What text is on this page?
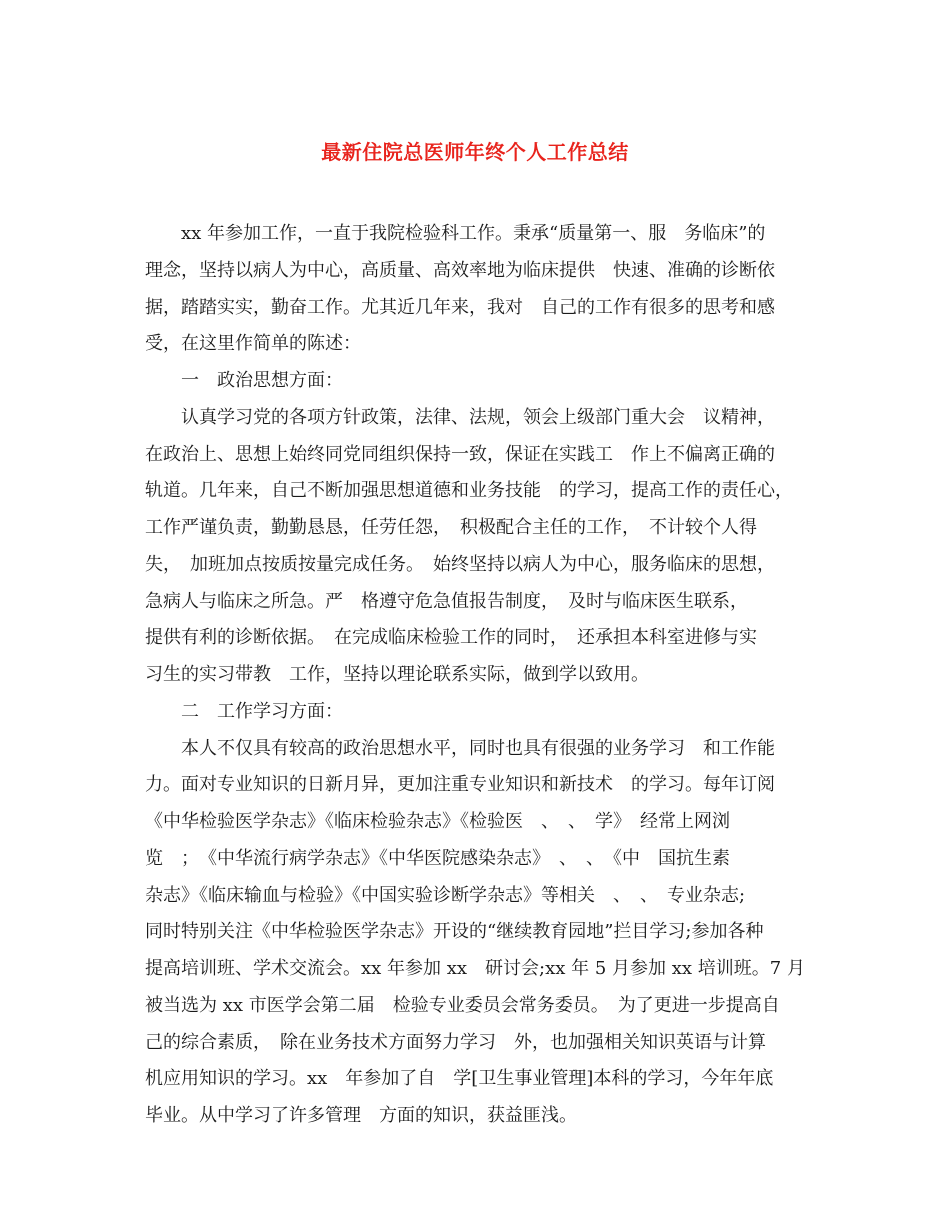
最新住院总医师年终个人工作总结
xx 年参加工作，一直于我院检验科工作。秉承“质量第一、服　务临床”的
理念，坚持以病人为中心，高质量、高效率地为临床提供　快速、准确的诊断依
据，踏踏实实，勤奋工作。尤其近几年来，我对　自己的工作有很多的思考和感
受，在这里作简单的陈述：
一　政治思想方面：
认真学习党的各项方针政策，法律、法规，领会上级部门重大会　议精神，
在政治上、思想上始终同党同组织保持一致，保证在实践工　作上不偏离正确的
轨道。几年来，自己不断加强思想道德和业务技能　的学习，提高工作的责任心，
工作严谨负责，勤勤恳恳，任劳任怨，　积极配合主任的工作，　不计较个人得
失，　加班加点按质按量完成任务。　始终坚持以病人为中心，服务临床的思想，
急病人与临床之所急。严　格遵守危急值报告制度，　及时与临床医生联系，
提供有利的诊断依据。　在完成临床检验工作的同时，　还承担本科室进修与实
习生的实习带教　工作，坚持以理论联系实际，做到学以致用。
二　工作学习方面：
本人不仅具有较高的政治思想水平，同时也具有很强的业务学习　和工作能
力。面对专业知识的日新月异，更加注重专业知识和新技术　的学习。每年订阅
《中华检验医学杂志》《临床检验杂志》《检验医　、　、　学》　经常上网浏
览　；　《中华流行病学杂志》《中华医院感染杂志》　、　、　《中　国抗生素
杂志》《临床输血与检验》《中国实验诊断学杂志》等相关　、　、　专业杂志;
同时特别关注《中华检验医学杂志》开设的“继续教育园地”拦目学习;参加各种
提高培训班、学术交流会。xx 年参加 xx　研讨会;xx 年 5 月参加 xx 培训班。7 月
被当选为 xx 市医学会第二届　检验专业委员会常务委员。　为了更进一步提高自
己的综合素质，　除在业务技术方面努力学习　外，也加强相关知识英语与计算
机应用知识的学习。xx　年参加了自　学[卫生事业管理]本科的学习，今年年底
毕业。从中学习了许多管理　方面的知识，获益匪浅。
